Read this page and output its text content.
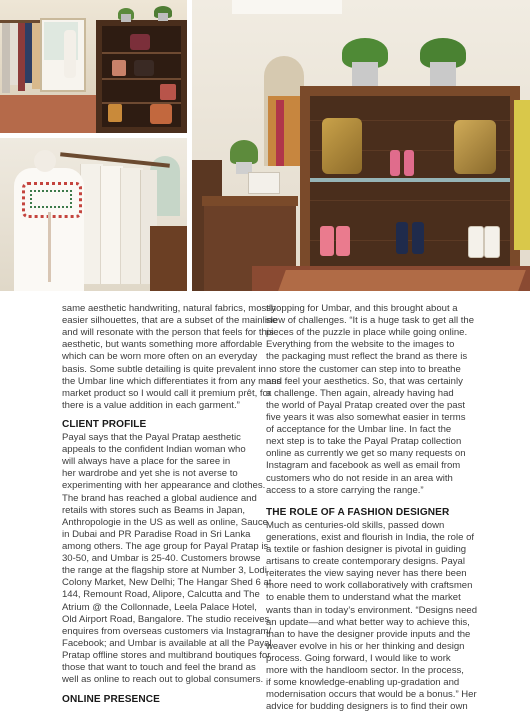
same aesthetic handwriting, natural fabrics, mostly
easier silhouettes, that are a subset of the mainline
and will resonate with the person that feels for this
aesthetic, but wants something more affordable
which can be worn more often on an everyday
basis. Some subtle detailing is quite prevalent in
the Umbar line which differentiates it from any mass
market product so I would call it premium prêt, for
there is a value addition in each garment.”
CLIENT PROFILE
Payal says that the Payal Pratap aesthetic
appeals to the confident Indian woman who
will always have a place for the saree in
her wardrobe and yet she is not averse to
experimenting with her appearance and clothes.
The brand has reached a global audience and
retails with stores such as Beams in Japan,
Anthropologie in the US as well as online, Sauce
in Dubai and PR Paradise Road in Sri Lanka
among others. The age group for Payal Pratap is
30-50, and Umbar is 25-40. Customers browse
the range at the flagship store at Number 3, Lodi
Colony Market, New Delhi; The Hangar Shed 6 at
144, Remount Road, Alipore, Calcutta and The
Atrium @ the Collonnade, Leela Palace Hotel,
Old Airport Road, Bangalore. The studio receives
enquires from overseas customers via Instagram/
Facebook; and Umbar is available at all the Payal
Pratap offline stores and multibrand boutiques for
those that want to touch and feel the brand as
well as online to reach out to global consumers.
ONLINE PRESENCE
shopping for Umbar, and this brought about a
slew of challenges. “It is a huge task to get all the
pieces of the puzzle in place while going online.
Everything from the website to the images to
the packaging must reflect the brand as there is
no store the customer can step into to breathe
and feel your aesthetics. So, that was certainly
a challenge. Then again, already having had
the world of Payal Pratap created over the past
five years it was also somewhat easier in terms
of acceptance for the Umbar line. In fact the
next step is to take the Payal Pratap collection
online as currently we get so many requests on
Instagram and facebook as well as email from
customers who do not reside in an area with
access to a store carrying the range.”
THE ROLE OF A FASHION DESIGNER
Much as centuries-old skills, passed down
generations, exist and flourish in India, the role of
a textile or fashion designer is pivotal in guiding
artisans to create contemporary designs. Payal
reiterates the view saying never has there been
more need to work collaboratively with craftsmen
to enable them to understand what the market
wants than in today’s environment. “Designs need
an update—and what better way to achieve this,
than to have the designer provide inputs and the
weaver evolve in his or her thinking and design
process. Going forward, I would like to work
more with the handloom sector. In the process,
if some knowledge-enabling up-gradation and
modernisation occurs that would be a bonus.” Her
advice for budding designers is to find their own
